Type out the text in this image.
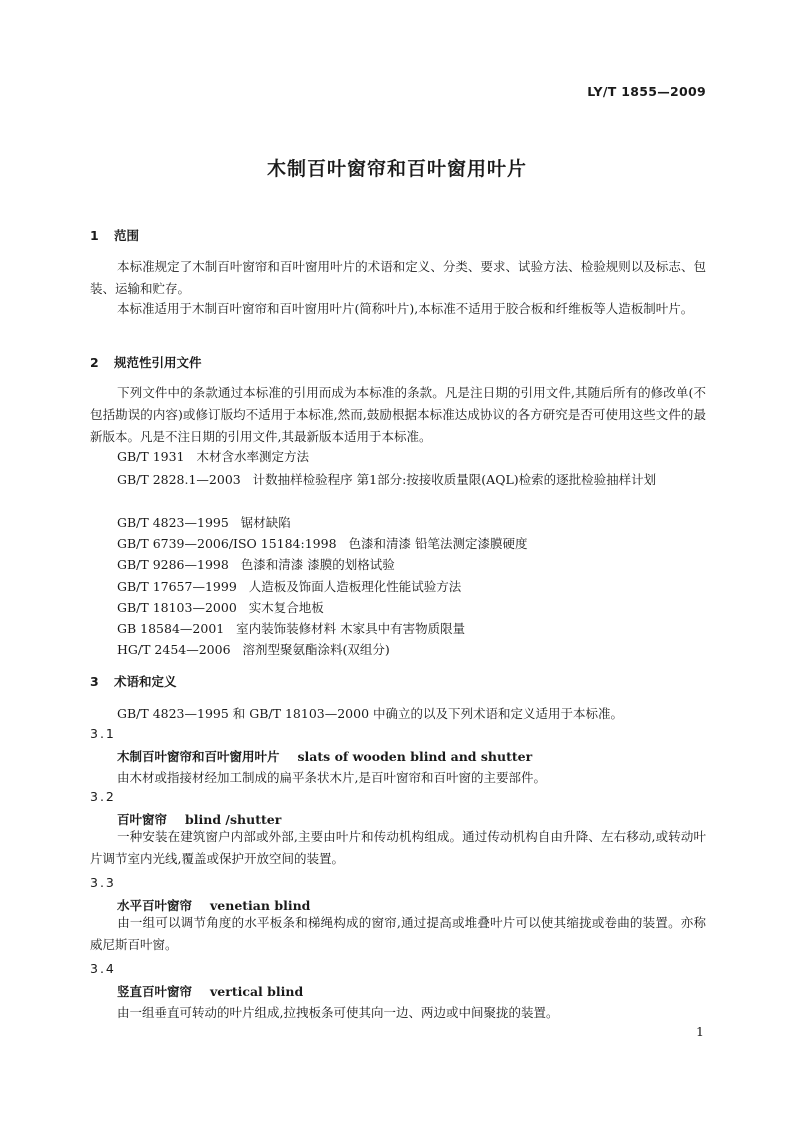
LY/T 1855—2009
木制百叶窗帘和百叶窗用叶片
1 范围
本标准规定了木制百叶窗帘和百叶窗用叶片的术语和定义、分类、要求、试验方法、检验规则以及标志、包装、运输和贮存。
本标准适用于木制百叶窗帘和百叶窗用叶片(简称叶片),本标准不适用于胶合板和纤维板等人造板制叶片。
2 规范性引用文件
下列文件中的条款通过本标准的引用而成为本标准的条款。凡是注日期的引用文件,其随后所有的修改单(不包括勘误的内容)或修订版均不适用于本标准,然而,鼓励根据本标准达成协议的各方研究是否可使用这些文件的最新版本。凡是不注日期的引用文件,其最新版本适用于本标准。
GB/T 1931 木材含水率测定方法
GB/T 2828.1—2003 计数抽样检验程序 第1部分:按接收质量限(AQL)检索的逐批检验抽样计划
GB/T 4823—1995 锯材缺陷
GB/T 6739—2006/ISO 15184:1998 色漆和清漆 铅笔法测定漆膜硬度
GB/T 9286—1998 色漆和清漆 漆膜的划格试验
GB/T 17657—1999 人造板及饰面人造板理化性能试验方法
GB/T 18103—2000 实木复合地板
GB 18584—2001 室内装饰装修材料 木家具中有害物质限量
HG/T 2454—2006 溶剂型聚氨酯涂料(双组分)
3 术语和定义
GB/T 4823—1995 和 GB/T 18103—2000 中确立的以及下列术语和定义适用于本标准。
3.1
木制百叶窗帘和百叶窗用叶片 slats of wooden blind and shutter
由木材或指接材经加工制成的扁平条状木片,是百叶窗帘和百叶窗的主要部件。
3.2
百叶窗帘 blind /shutter
一种安装在建筑窗户内部或外部,主要由叶片和传动机构组成。通过传动机构自由升降、左右移动,或转动叶片调节室内光线,覆盖或保护开放空间的装置。
3.3
水平百叶窗帘 venetian blind
由一组可以调节角度的水平板条和梯绳构成的窗帘,通过提高或堆叠叶片可以使其缩拢或卷曲的装置。亦称威尼斯百叶窗。
3.4
竖直百叶窗帘 vertical blind
由一组垂直可转动的叶片组成,拉拽板条可使其向一边、两边或中间聚拢的装置。
1
